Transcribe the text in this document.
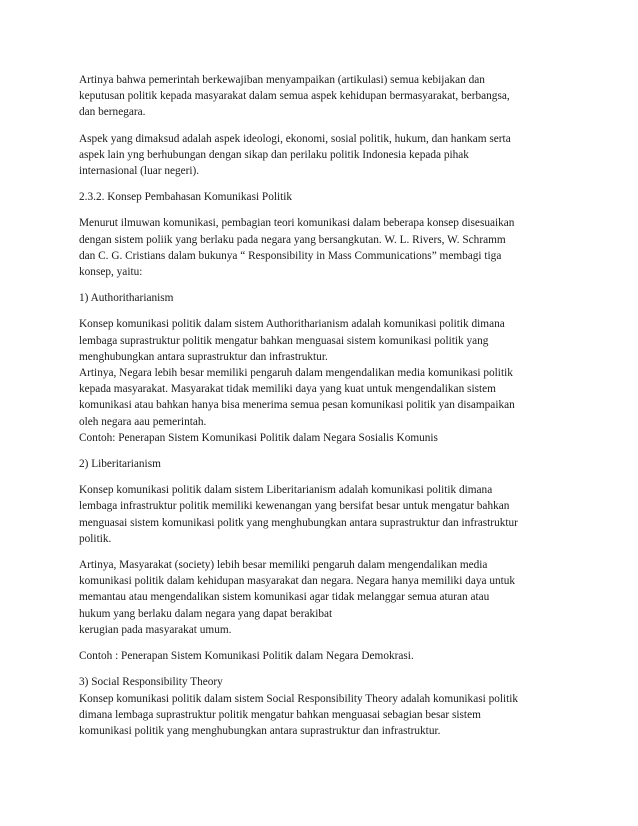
Artinya bahwa pemerintah berkewajiban menyampaikan (artikulasi) semua kebijakan dan
keputusan politik kepada masyarakat dalam semua aspek kehidupan bermasyarakat, berbangsa,
dan bernegara.

Aspek yang dimaksud adalah aspek ideologi, ekonomi, sosial politik, hukum, dan hankam serta
aspek lain yng berhubungan dengan sikap dan perilaku politik Indonesia kepada pihak
internasional (luar negeri).

2.3.2. Konsep Pembahasan Komunikasi Politik

Menurut ilmuwan komunikasi, pembagian teori komunikasi dalam beberapa konsep disesuaikan
dengan sistem poliik yang berlaku pada negara yang bersangkutan. W. L. Rivers, W. Schramm
dan C. G. Cristians dalam bukunya “ Responsibility in Mass Communications” membagi tiga
konsep, yaitu:

1) Authoritharianism

Konsep komunikasi politik dalam sistem Authoritharianism adalah komunikasi politik dimana
lembaga suprastruktur politik mengatur bahkan menguasai sistem komunikasi politik yang
menghubungkan antara suprastruktur dan infrastruktur.
Artinya, Negara lebih besar memiliki pengaruh dalam mengendalikan media komunikasi politik
kepada masyarakat. Masyarakat tidak memiliki daya yang kuat untuk mengendalikan sistem
komunikasi atau bahkan hanya bisa menerima semua pesan komunikasi politik yan disampaikan
oleh negara aau pemerintah.
Contoh: Penerapan Sistem Komunikasi Politik dalam Negara Sosialis Komunis

2) Liberitarianism

Konsep komunikasi politik dalam sistem Liberitarianism adalah komunikasi politik dimana
lembaga infrastruktur politik memiliki kewenangan yang bersifat besar untuk mengatur bahkan
menguasai sistem komunikasi politk yang menghubungkan antara suprastruktur dan infrastruktur
politik.

Artinya, Masyarakat (society) lebih besar memiliki pengaruh dalam mengendalikan media
komunikasi politik dalam kehidupan masyarakat dan negara. Negara hanya memiliki daya untuk
memantau atau mengendalikan sistem komunikasi agar tidak melanggar semua aturan atau
hukum yang berlaku dalam negara yang dapat berakibat
kerugian pada masyarakat umum.

Contoh : Penerapan Sistem Komunikasi Politik dalam Negara Demokrasi.

3) Social Responsibility Theory
Konsep komunikasi politik dalam sistem Social Responsibility Theory adalah komunikasi politik
dimana lembaga suprastruktur politik mengatur bahkan menguasai sebagian besar sistem
komunikasi politik yang menghubungkan antara suprastruktur dan infrastruktur.
